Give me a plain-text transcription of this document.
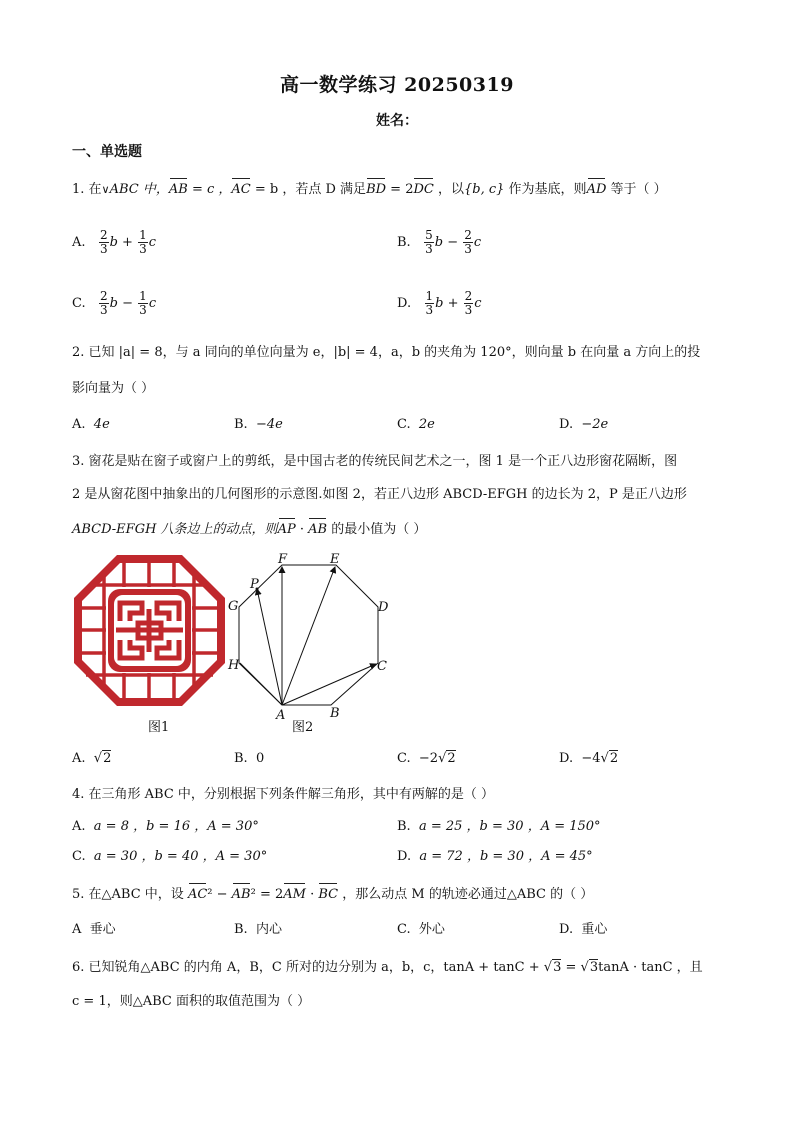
高一数学练习 20250319
姓名：
一、单选题
1. 在∨ABC 中，AB = c ，AC = b ，若点 D 满足BD = 2DC ，以{b, c} 作为基底，则AD 等于（ ）
A. $\frac{2}{3}$ $b + \frac{1}{3}$ c	B. $\frac{5}{3}$ $b - \frac{2}{3}$ c
C. $\frac{2}{3}$ $b - \frac{1}{3}$ c	D. $\frac{1}{3}$ $b + \frac{2}{3}$ c
2. 已知 |a| = 8，与 a 同向的单位向量为 e，|b| = 4，a，b 的夹角为 120°，则向量 b 在向量 a 方向上的投
影向量为（ ）
A. 4e	B. −4e	C. 2e	D. −2e
3. 窗花是贴在窗子或窗户上的剪纸，是中国古老的传统民间艺术之一，图 1 是一个正八边形窗花隔断，图
2 是从窗花图中抽象出的几何图形的示意图.如图 2，若正八边形 ABCD-EFGH 的边长为 2，P 是正八边形
ABCD-EFGH 八条边上的动点，则AP · AB 的最小值为（ ）
图1
A	B
C
D
E
F
G
H
P
图2
A. √2	B. 0	C. −2√2	D. −4√2
4. 在三角形 ABC 中，分别根据下列条件解三角形，其中有两解的是（ ）
A. a = 8 ，b = 16 ，A = 30°	B. a = 25 ，b = 30 ，A = 150°
C. a = 30 ，b = 40 ，A = 30°	D. a = 72 ，b = 30 ，A = 45°
5. 在△ABC 中，设 AC² − AB² = 2AM · BC ，那么动点 M 的轨迹必通过△ABC 的（ ）
A 垂心	B. 内心	C. 外心	D. 重心
6. 已知锐角△ABC 的内角 A，B，C 所对的边分别为 a，b，c，tanA + tanC + √3 = √3tanA · tanC ，且
c = 1，则△ABC 面积的取值范围为（ ）
